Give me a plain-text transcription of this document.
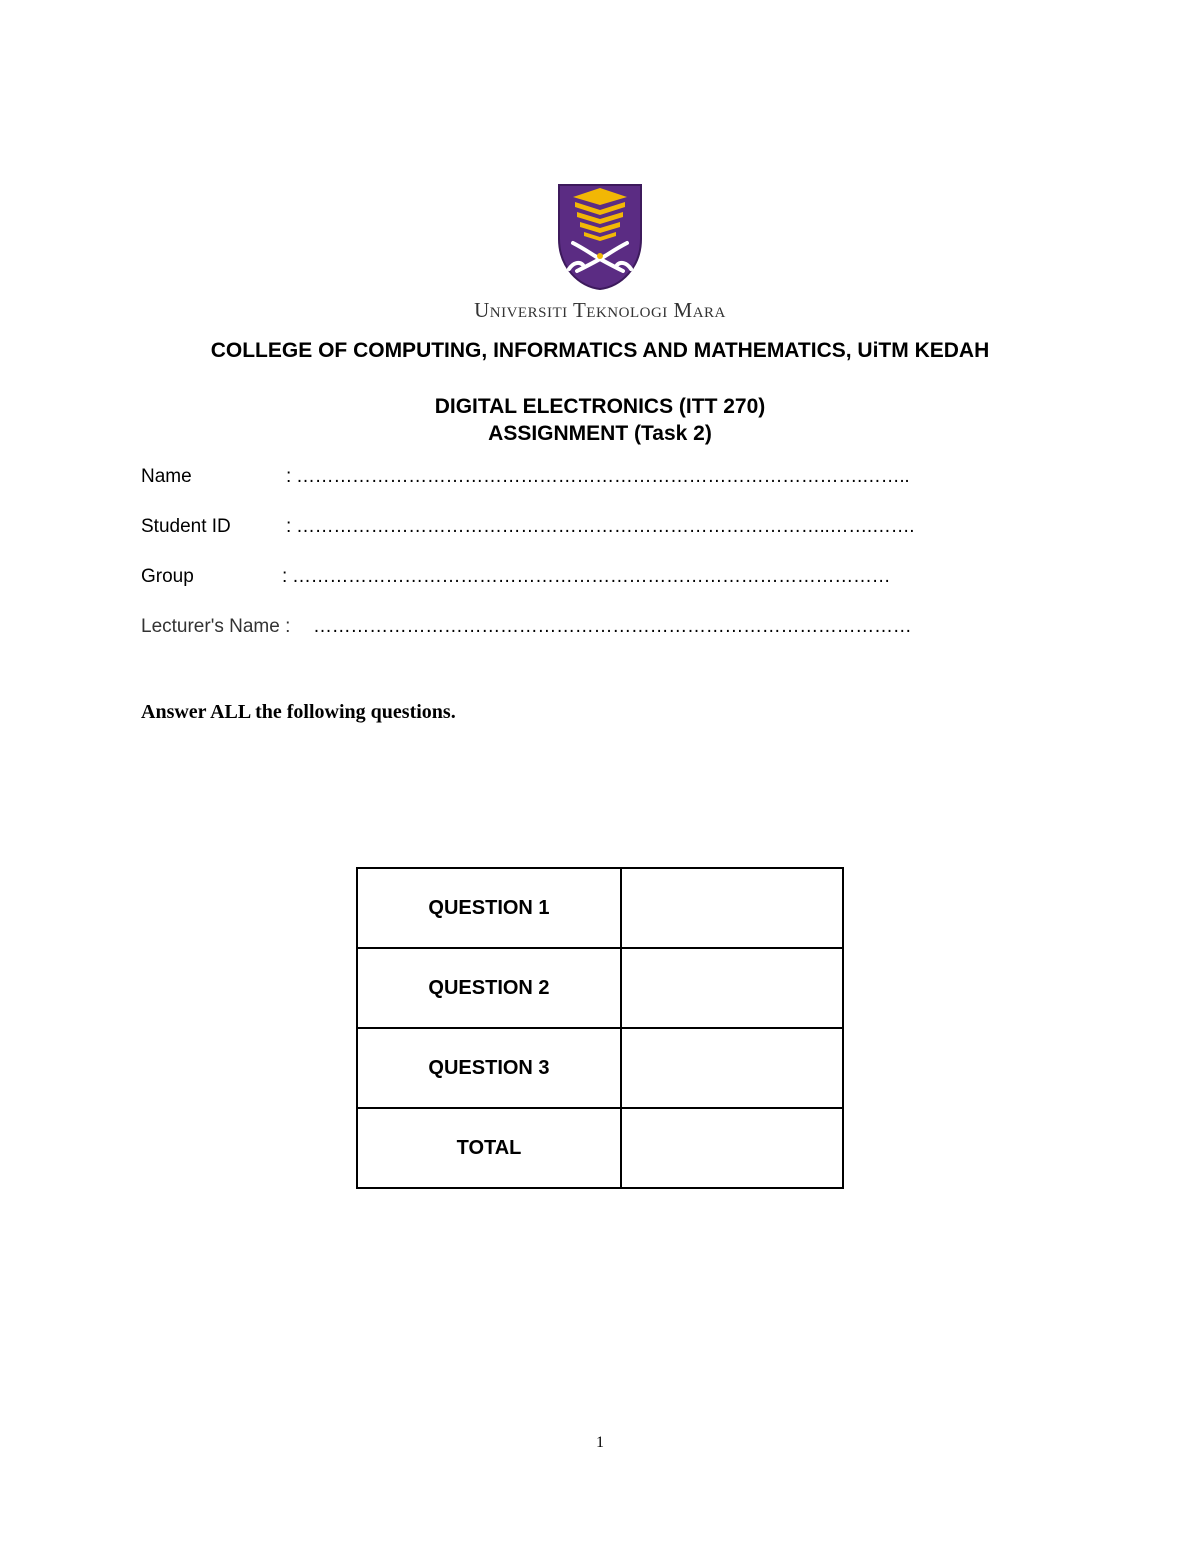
Universiti Teknologi Mara
COLLEGE OF COMPUTING, INFORMATICS AND MATHEMATICS, UiTM KEDAH
DIGITAL ELECTRONICS (ITT 270)
ASSIGNMENT (Task 2)
Name	: ……………………………………………………………………………….……..
Student ID	: …………………………………………………………………………..…….…….
Group	: ……………………………………………………………………………………
Lecturer's Name : ……………………………………………………………………………………
Answer ALL the following questions.
QUESTION 1	
QUESTION 2	
QUESTION 3	
TOTAL	
1
